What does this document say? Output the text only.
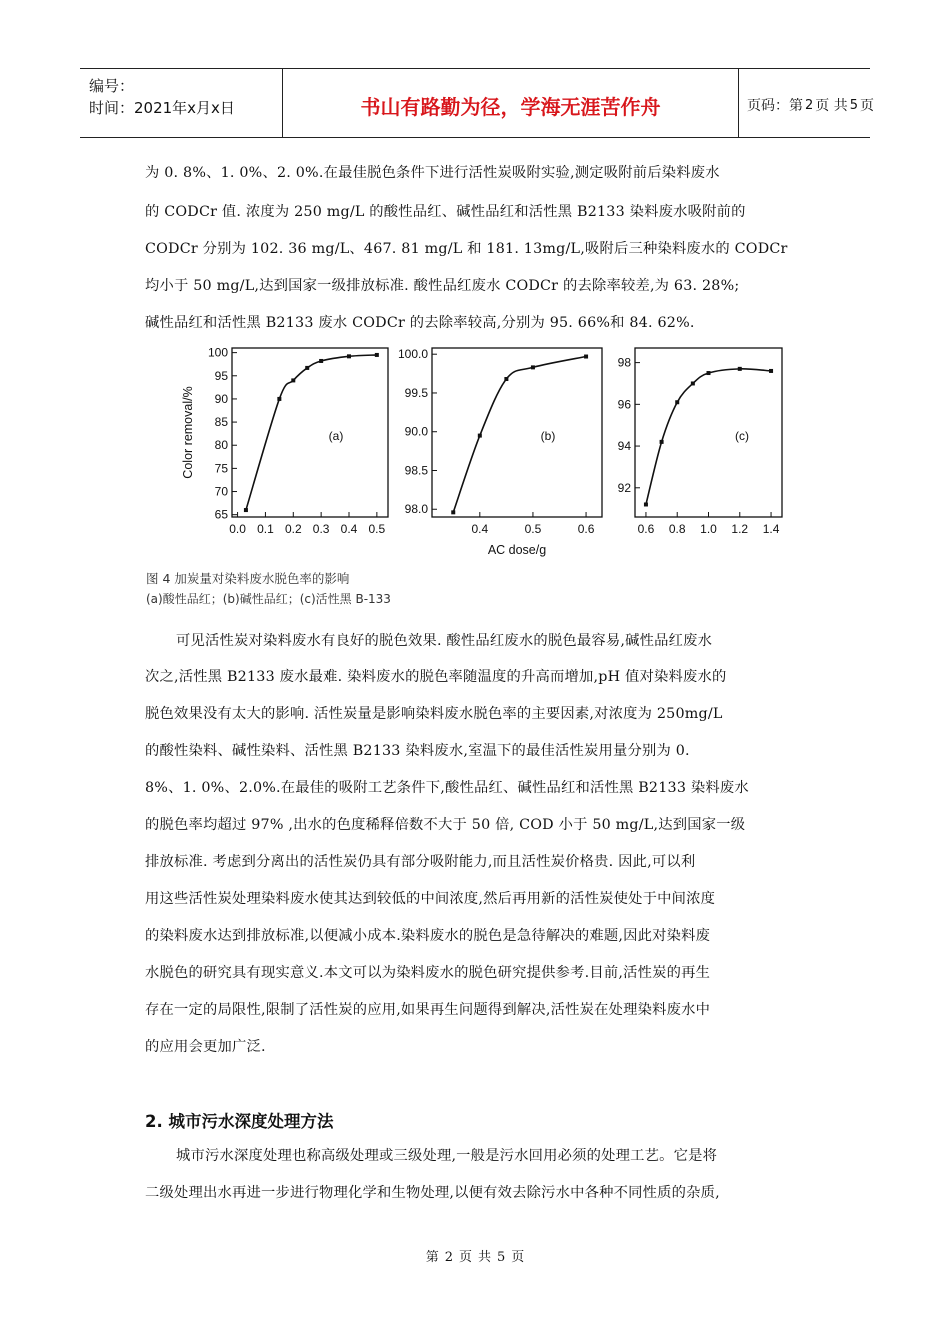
编号：
时间：2021年x月x日	书山有路勤为径，学海无涯苦作舟	页码：第 2 页 共 5 页
为 0. 8%、1. 0%、2. 0%.在最佳脱色条件下进行活性炭吸附实验,测定吸附前后染料废水
的 CODCr 值. 浓度为 250 mg/L 的酸性品红、碱性品红和活性黑 B2133 染料废水吸附前的
CODCr 分别为 102. 36 mg/L、467. 81 mg/L 和 181. 13mg/L,吸附后三种染料废水的 CODCr
均小于 50 mg/L,达到国家一级排放标准. 酸性品红废水 CODCr 的去除率较差,为 63. 28%;
碱性品红和活性黑 B2133 废水 CODCr 的去除率较高,分别为 95. 66%和 84. 62%.
0.0 0.1 0.2 0.3 0.4 0.5
65
70
75
80
85
90
95
100
(a)
Color removal/%
0.4	0.5	0.6
98.0
98.5
90.0
99.5
100.0
(b)
AC dose/g
0.6 0.8 1.0 1.2 1.4
92
94
96
98
(c)
图 4 加炭量对染料废水脱色率的影响
(a)酸性品红；(b)碱性品红；(c)活性黑 B-133
可见活性炭对染料废水有良好的脱色效果. 酸性品红废水的脱色最容易,碱性品红废水
次之,活性黑 B2133 废水最难. 染料废水的脱色率随温度的升高而增加,pH 值对染料废水的
脱色效果没有太大的影响. 活性炭量是影响染料废水脱色率的主要因素,对浓度为 250mg/L
的酸性染料、碱性染料、活性黑 B2133 染料废水,室温下的最佳活性炭用量分别为 0.
8%、1. 0%、2.0%.在最佳的吸附工艺条件下,酸性品红、碱性品红和活性黑 B2133 染料废水
的脱色率均超过 97% ,出水的色度稀释倍数不大于 50 倍, COD 小于 50 mg/L,达到国家一级
排放标准. 考虑到分离出的活性炭仍具有部分吸附能力,而且活性炭价格贵. 因此,可以利
用这些活性炭处理染料废水使其达到较低的中间浓度,然后再用新的活性炭使处于中间浓度
的染料废水达到排放标准,以便减小成本.染料废水的脱色是急待解决的难题,因此对染料废
水脱色的研究具有现实意义.本文可以为染料废水的脱色研究提供参考.目前,活性炭的再生
存在一定的局限性,限制了活性炭的应用,如果再生问题得到解决,活性炭在处理染料废水中
的应用会更加广泛.
2. 城市污水深度处理方法
城市污水深度处理也称高级处理或三级处理,一般是污水回用必须的处理工艺。它是将
二级处理出水再进一步进行物理化学和生物处理,以便有效去除污水中各种不同性质的杂质,
第 2 页 共 5 页
